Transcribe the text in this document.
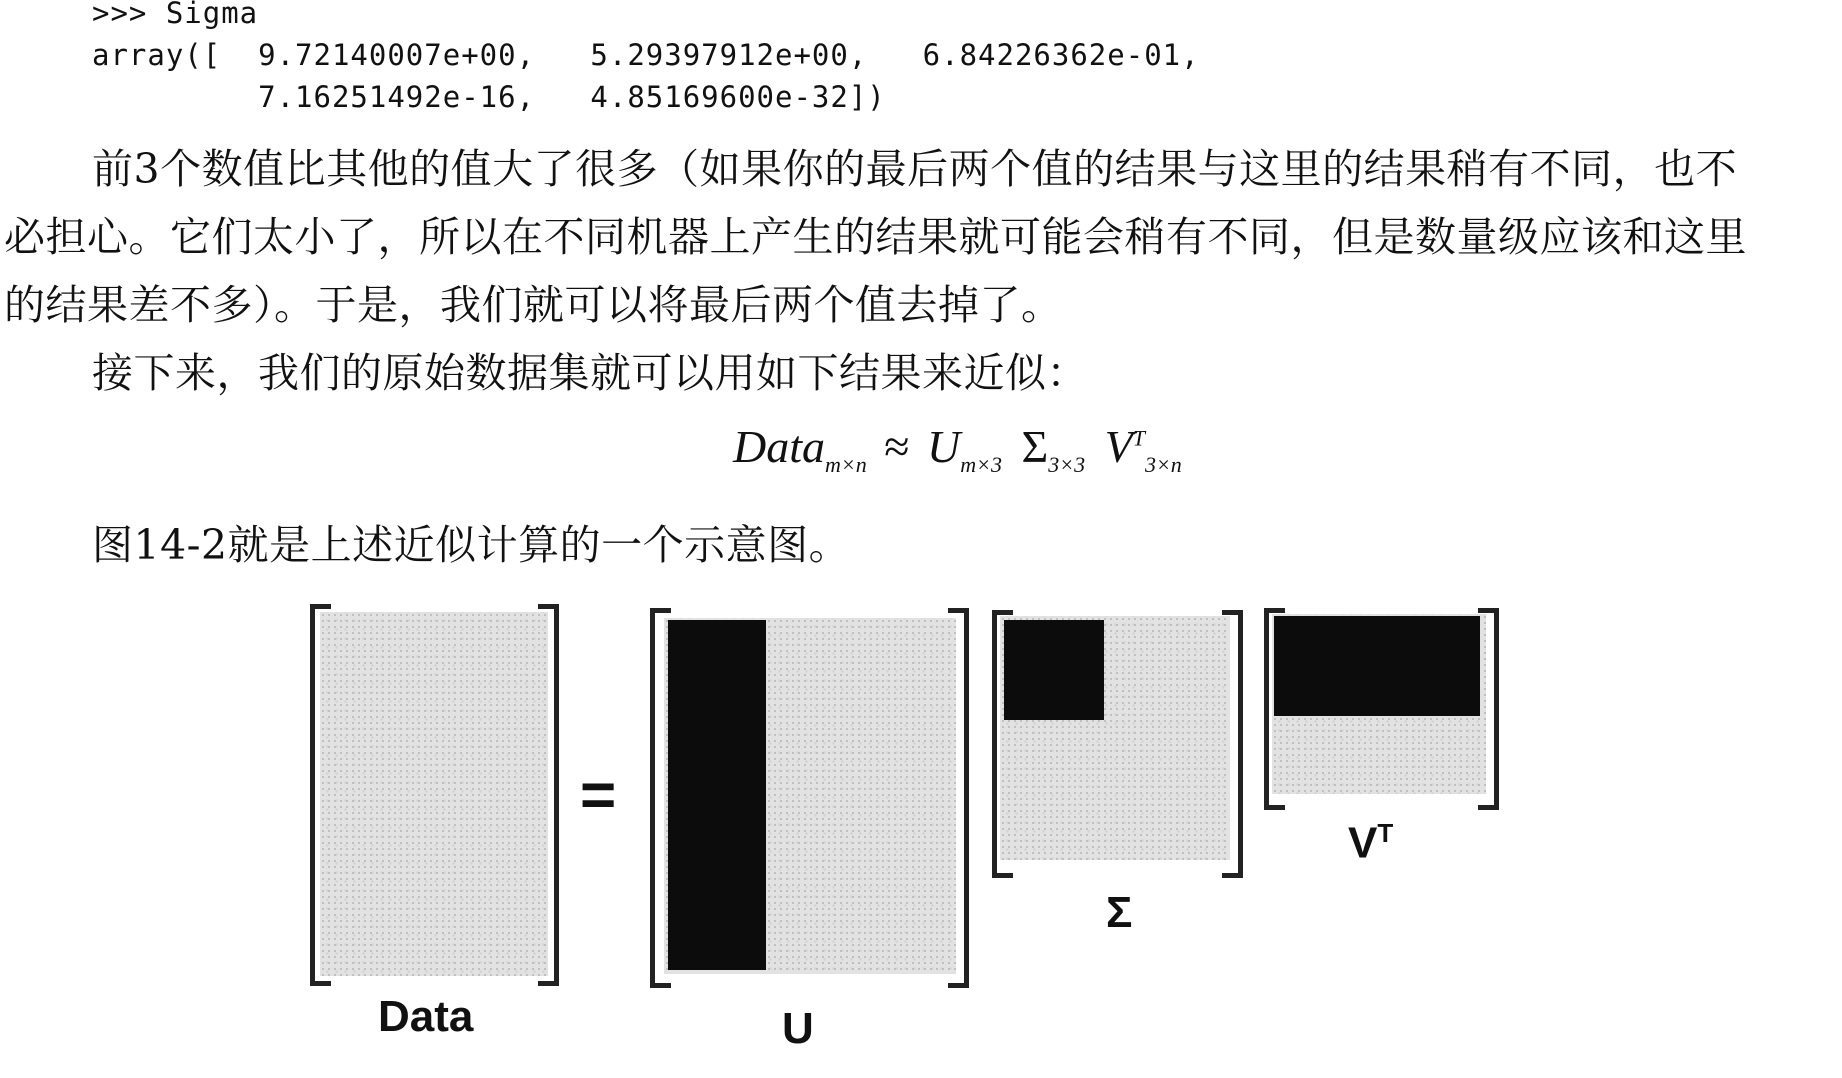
>>> Sigma
array([  9.72140007e+00,   5.29397912e+00,   6.84226362e-01,
7.16251492e-16,   4.85169600e-32])
前3个数值比其他的值大了很多（如果你的最后两个值的结果与这里的结果稍有不同，也不
必担心。它们太小了，所以在不同机器上产生的结果就可能会稍有不同，但是数量级应该和这里
的结果差不多）。于是，我们就可以将最后两个值去掉了。
接下来，我们的原始数据集就可以用如下结果来近似：
Data$_{m\times n}$ ≈ $U_{m\times 3}$ $\Sigma_{3\times 3}$ $V^T_{3\times n}$
图14-2就是上述近似计算的一个示意图。
Data
=
U
Σ
$V^T$
